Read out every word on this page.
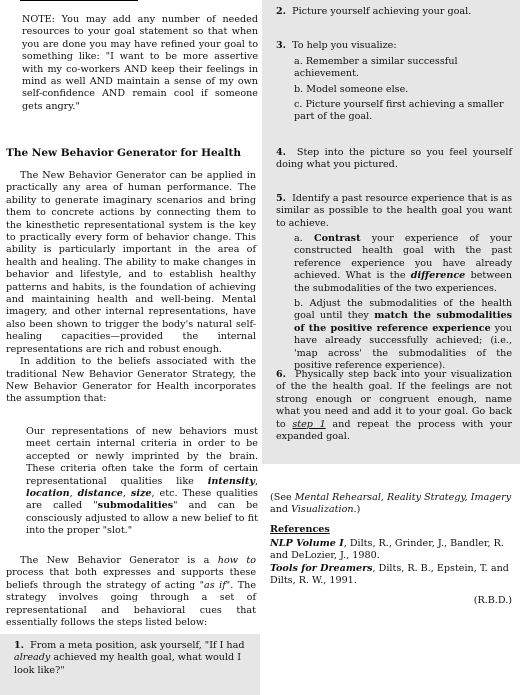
NOTE: You may add any number of needed resources to your goal statement so that when you are done you may have refined your goal to something like: "I want to be more assertive with my co-workers AND keep their feelings in mind as well AND maintain a sense of my own self-confidence AND remain cool if someone gets angry."

The New Behavior Generator for Health

The New Behavior Generator can be applied in practically any area of human performance. The ability to generate imaginary scenarios and bring them to concrete actions by connecting them to the kinesthetic representational system is the key to practically every form of behavior change. This ability is particularly important in the area of health and healing. The ability to make changes in behavior and lifestyle, and to establish healthy patterns and habits, is the foundation of achieving and maintaining health and well-being. Mental imagery, and other internal representations, have also been shown to trigger the body's natural self-healing capacities—provided the internal representations are rich and robust enough.

In addition to the beliefs associated with the traditional New Behavior Generator Strategy, the New Behavior Generator for Health incorporates the assumption that:

Our representations of new behaviors must meet certain internal criteria in order to be accepted or newly imprinted by the brain. These criteria often take the form of certain representational qualities like intensity, location, distance, size, etc. These qualities are called "submodalities" and can be consciously adjusted to allow a new belief to fit into the proper "slot."

The New Behavior Generator is a how to process that both expresses and supports these beliefs through the strategy of acting "as if". The strategy involves going through a set of representational and behavioral cues that essentially follows the steps listed below:

1. From a meta position, ask yourself, "If I had already achieved my health goal, what would I look like?"

2. Picture yourself achieving your goal.

3. To help you visualize:

a. Remember a similar successful achievement.

b. Model someone else.

c. Picture yourself first achieving a smaller part of the goal.

4. Step into the picture so you feel yourself doing what you pictured.

5. Identify a past resource experience that is as similar as possible to the health goal you want to achieve.

a. Contrast your experience of your constructed health goal with the past reference experience you have already achieved. What is the difference between the submodalities of the two experiences.

b. Adjust the submodalities of the health goal until they match the submodalities of the positive reference experience you have already successfully achieved; (i.e., 'map across' the submodalities of the positive reference experience).

6. Physically step back into your visualization of the the health goal. If the feelings are not strong enough or congruent enough, name what you need and add it to your goal. Go back to step 1 and repeat the process with your expanded goal.

(See Mental Rehearsal, Reality Strategy, Imagery and Visualization.)

References

NLP Volume I, Dilts, R., Grinder, J., Bandler, R. and DeLozier, J., 1980.

Tools for Dreamers, Dilts, R. B., Epstein, T. and Dilts, R. W., 1991.

(R.B.D.)
